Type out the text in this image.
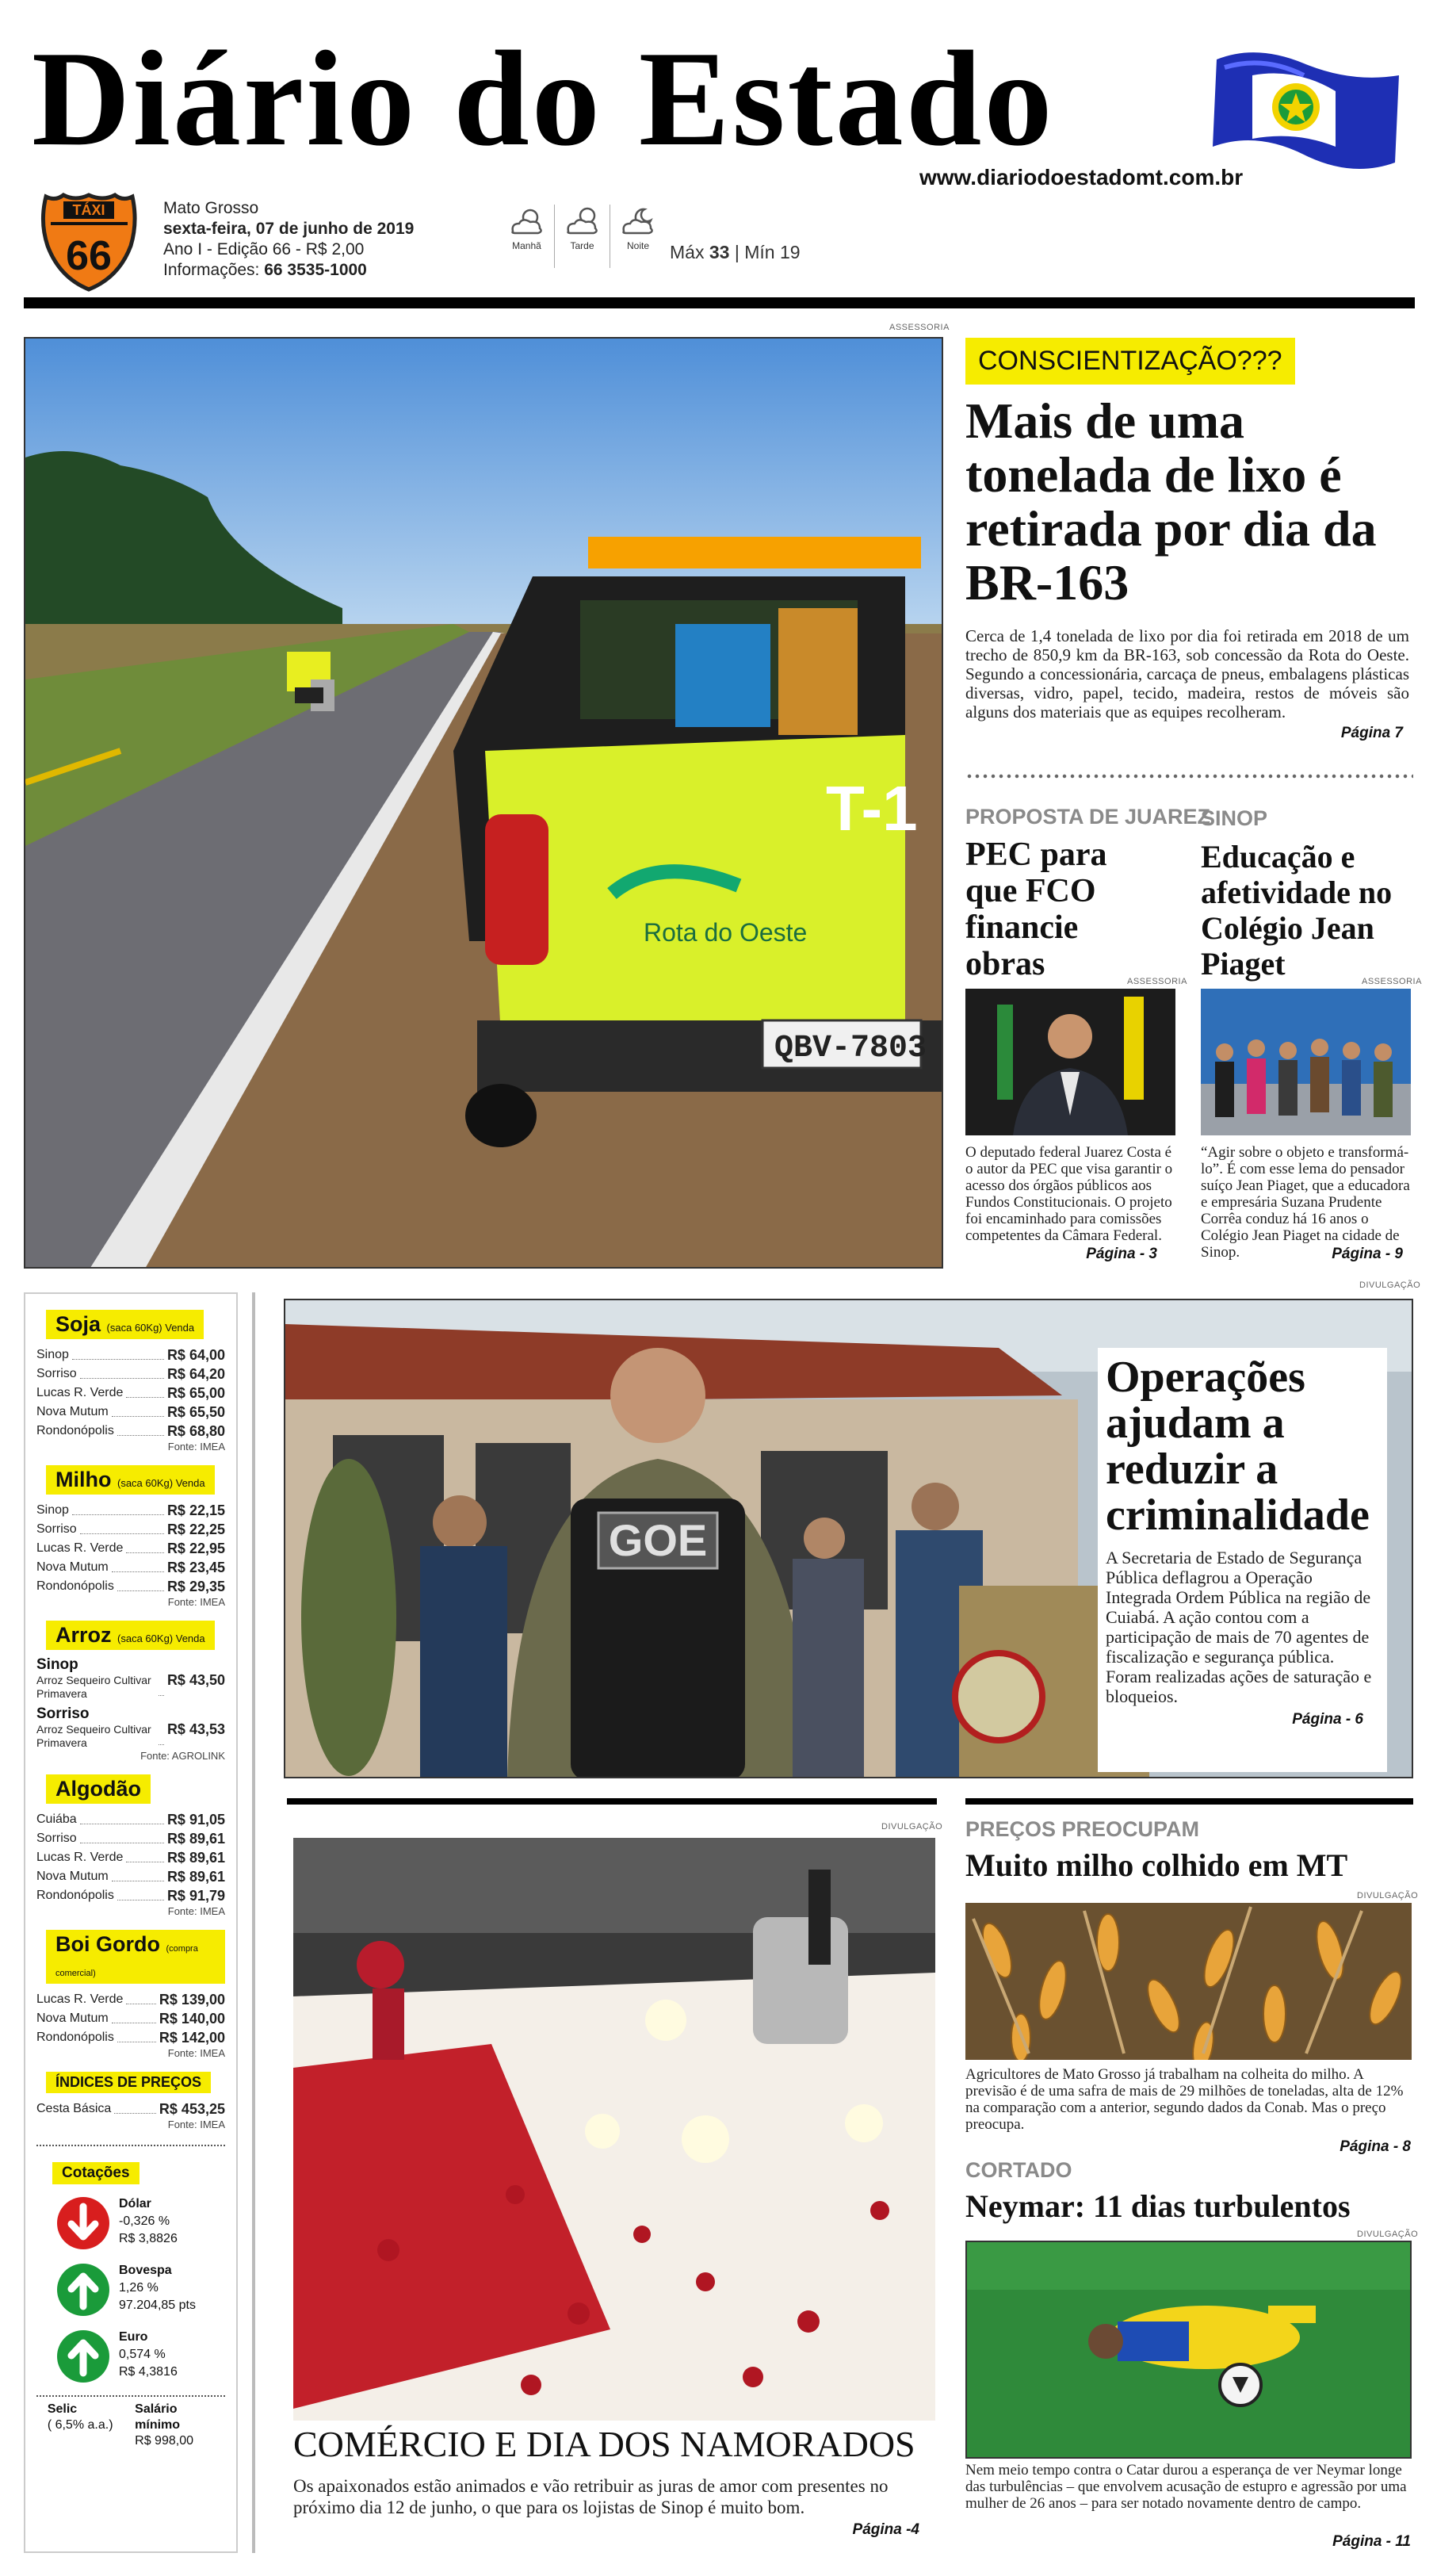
Diário do Estado
www.diariodoestadomt.com.br
TÁXI
66
Mato Grosso
sexta-feira, 07 de junho de 2019
Ano I - Edição 66 - R$ 2,00
Informações: 66 3535-1000
Manhã	Tarde	Noite	Máx 33 | Mín 19
ASSESSORIA
Rota do Oeste
T-1
QBV-7803
CONSCIENTIZAÇÃO???
Mais de uma tonelada de lixo é retirada por dia da BR-163
Cerca de 1,4 tonelada de lixo por dia foi retirada em 2018 de um trecho de 850,9 km da BR-163, sob concessão da Rota do Oeste. Segundo a concessionária, carcaça de pneus, embalagens plásticas diversas, vidro, papel, tecido, madeira, restos de móveis são alguns dos materiais que as equipes recolheram.
Página 7
PROPOSTA DE JUAREZ
PEC para que FCO financie obras	ASSESSORIA
O deputado federal Juarez Costa é o autor da PEC que visa garantir o acesso dos órgãos públicos aos Fundos Constitucionais. O projeto foi encaminhado para comissões competentes da Câmara Federal.
Página - 3
SINOP
Educação e afetividade no Colégio Jean Piaget	ASSESSORIA
“Agir sobre o objeto e transformá-lo”. É com esse lema do pensador suíço Jean Piaget, que a educadora e empresária Suzana Prudente Corrêa conduz há 16 anos o Colégio Jean Piaget na cidade de Sinop.	Página - 9
Soja (saca 60Kg) Venda
Sinop	R$ 64,00
Sorriso	R$ 64,20
Lucas R. Verde	R$ 65,00
Nova Mutum	R$ 65,50
Rondonópolis	R$ 68,80
Fonte: IMEA
Milho (saca 60Kg) Venda
Sinop	R$ 22,15
Sorriso	R$ 22,25
Lucas R. Verde	R$ 22,95
Nova Mutum	R$ 23,45
Rondonópolis	R$ 29,35
Fonte: IMEA
Arroz (saca 60Kg) Venda
Sinop
Arroz Sequeiro Cultivar Primavera
R$ 43,50
Sorriso
Arroz Sequeiro Cultivar Primavera
R$ 43,53
Fonte: AGROLINK
Algodão
Cuiába	R$ 91,05
Sorriso	R$ 89,61
Lucas R. Verde	R$ 89,61
Nova Mutum	R$ 89,61
Rondonópolis	R$ 91,79
Fonte: IMEA
Boi Gordo (compra comercial)
Lucas R. Verde	R$ 139,00
Nova Mutum	R$ 140,00
Rondonópolis	R$ 142,00
Fonte: IMEA
ÍNDICES DE PREÇOS
Cesta Básica	R$ 453,25
Fonte: IMEA
Cotações
Dólar
-0,326 %
R$ 3,8826
Bovespa
1,26 %
97.204,85 pts
Euro
0,574 %
R$ 4,3816
Selic
( 6,5% a.a.)
Salário mínimo
R$ 998,00
DIVULGAÇÃO
GOE
Operações ajudam a reduzir a criminalidade
A Secretaria de Estado de Segurança Pública deflagrou a Operação Integrada Ordem Pública na região de Cuiabá. A ação contou com a participação de mais de 70 agentes de fiscalização e segurança pública. Foram realizadas ações de saturação e bloqueios.
Página - 6
DIVULGAÇÃO
COMÉRCIO E DIA DOS NAMORADOS
Os apaixonados estão animados e vão retribuir as juras de amor com presentes no próximo dia 12 de junho, o que para os lojistas de Sinop é muito bom.
Página -4
PREÇOS PREOCUPAM
Muito milho colhido em MT
DIVULGAÇÃO
Agricultores de Mato Grosso já trabalham na colheita do milho. A previsão é de uma safra de mais de 29 milhões de toneladas, alta de 12% na comparação com a anterior, segundo dados da Conab. Mas o preço preocupa.
Página - 8
CORTADO
Neymar: 11 dias turbulentos
DIVULGAÇÃO
Nem meio tempo contra o Catar durou a esperança de ver Neymar longe das turbulências – que envolvem acusação de estupro e agressão por uma mulher de 26 anos – para ser notado novamente dentro de campo.
Página - 11
